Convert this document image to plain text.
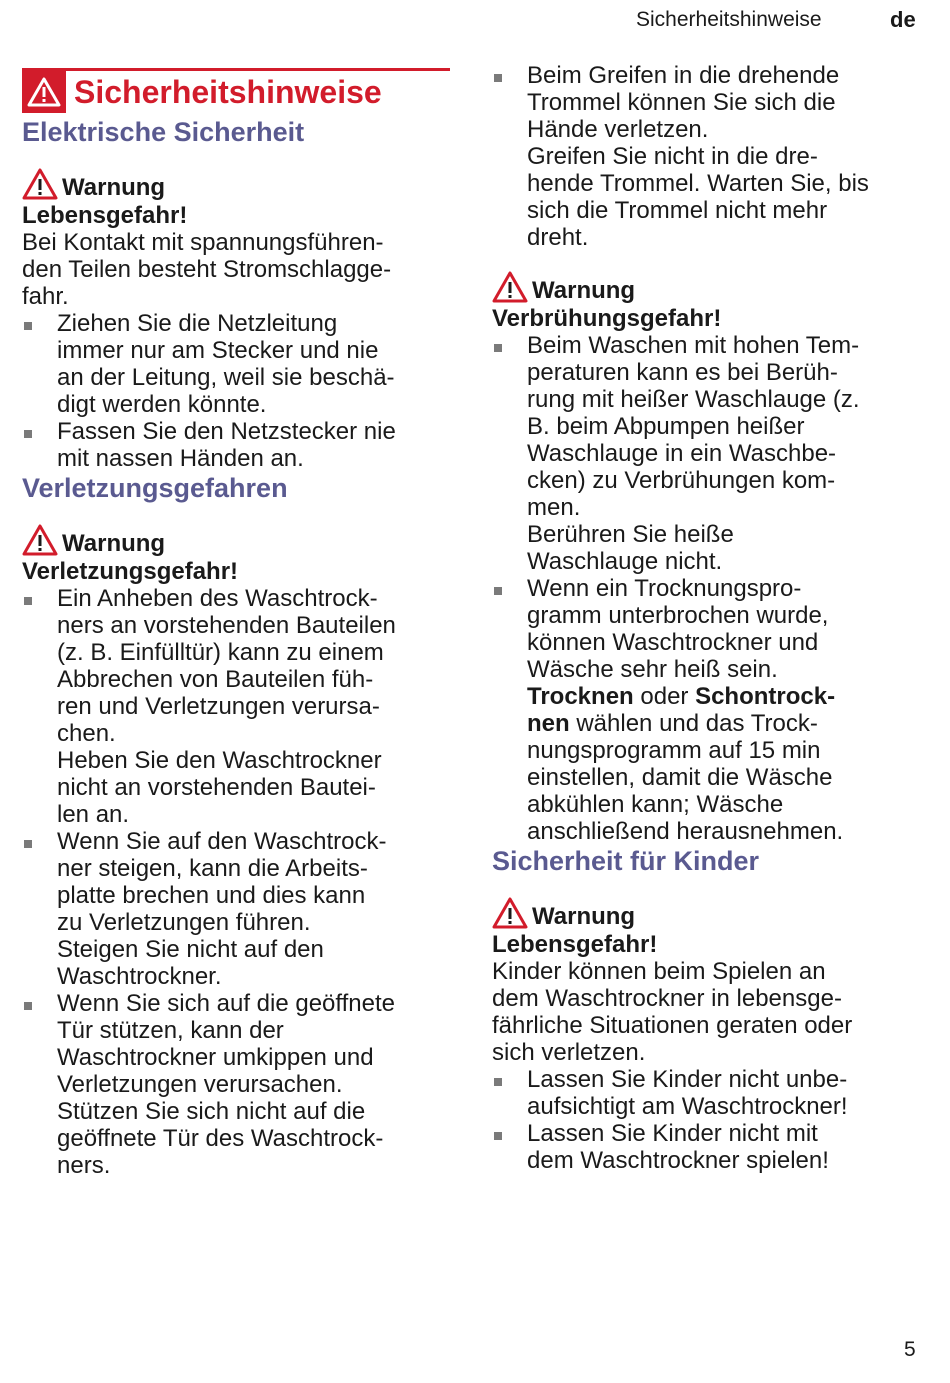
Sicherheitshinweise	de
Sicherheitshinweise
Elektrische Sicherheit
Warnung
Lebensgefahr!

Bei Kontakt mit spannungsführen-
den Teilen besteht Stromschlagge-
fahr.

Ziehen Sie die Netzleitung
immer nur am Stecker und nie
an der Leitung, weil sie beschä-
digt werden könnte.
Fassen Sie den Netzstecker nie
mit nassen Händen an.
Verletzungsgefahren
Warnung
Verletzungsgefahr!
Ein Anheben des Waschtrock-
ners an vorstehenden Bauteilen
(z. B. Einfülltür) kann zu einem
Abbrechen von Bauteilen füh-
ren und Verletzungen verursa-
chen.
Heben Sie den Waschtrockner
nicht an vorstehenden Bautei-
len an.
Wenn Sie auf den Waschtrock-
ner steigen, kann die Arbeits-
platte brechen und dies kann
zu Verletzungen führen.
Steigen Sie nicht auf den
Waschtrockner.
Wenn Sie sich auf die geöffnete
Tür stützen, kann der
Waschtrockner umkippen und
Verletzungen verursachen.
Stützen Sie sich nicht auf die
geöffnete Tür des Waschtrock-
ners.
Beim Greifen in die drehende
Trommel können Sie sich die
Hände verletzen.
Greifen Sie nicht in die dre-
hende Trommel. Warten Sie, bis
sich die Trommel nicht mehr
dreht.
Warnung
Verbrühungsgefahr!
Beim Waschen mit hohen Tem-
peraturen kann es bei Berüh-
rung mit heißer Waschlauge (z.
B. beim Abpumpen heißer
Waschlauge in ein Waschbe-
cken) zu Verbrühungen kom-
men.
Berühren Sie heiße
Waschlauge nicht.
Wenn ein Trocknungspro-
gramm unterbrochen wurde,
können Waschtrockner und
Wäsche sehr heiß sein.
Trocknen oder Schontrock-
nen wählen und das Trock-
nungsprogramm auf 15 min
einstellen, damit die Wäsche
abkühlen kann; Wäsche
anschließend herausnehmen.
Sicherheit für Kinder
Warnung
Lebensgefahr!

Kinder können beim Spielen an
dem Waschtrockner in lebensge-
fährliche Situationen geraten oder
sich verletzen.

Lassen Sie Kinder nicht unbe-
aufsichtigt am Waschtrockner!
Lassen Sie Kinder nicht mit
dem Waschtrockner spielen!
5
